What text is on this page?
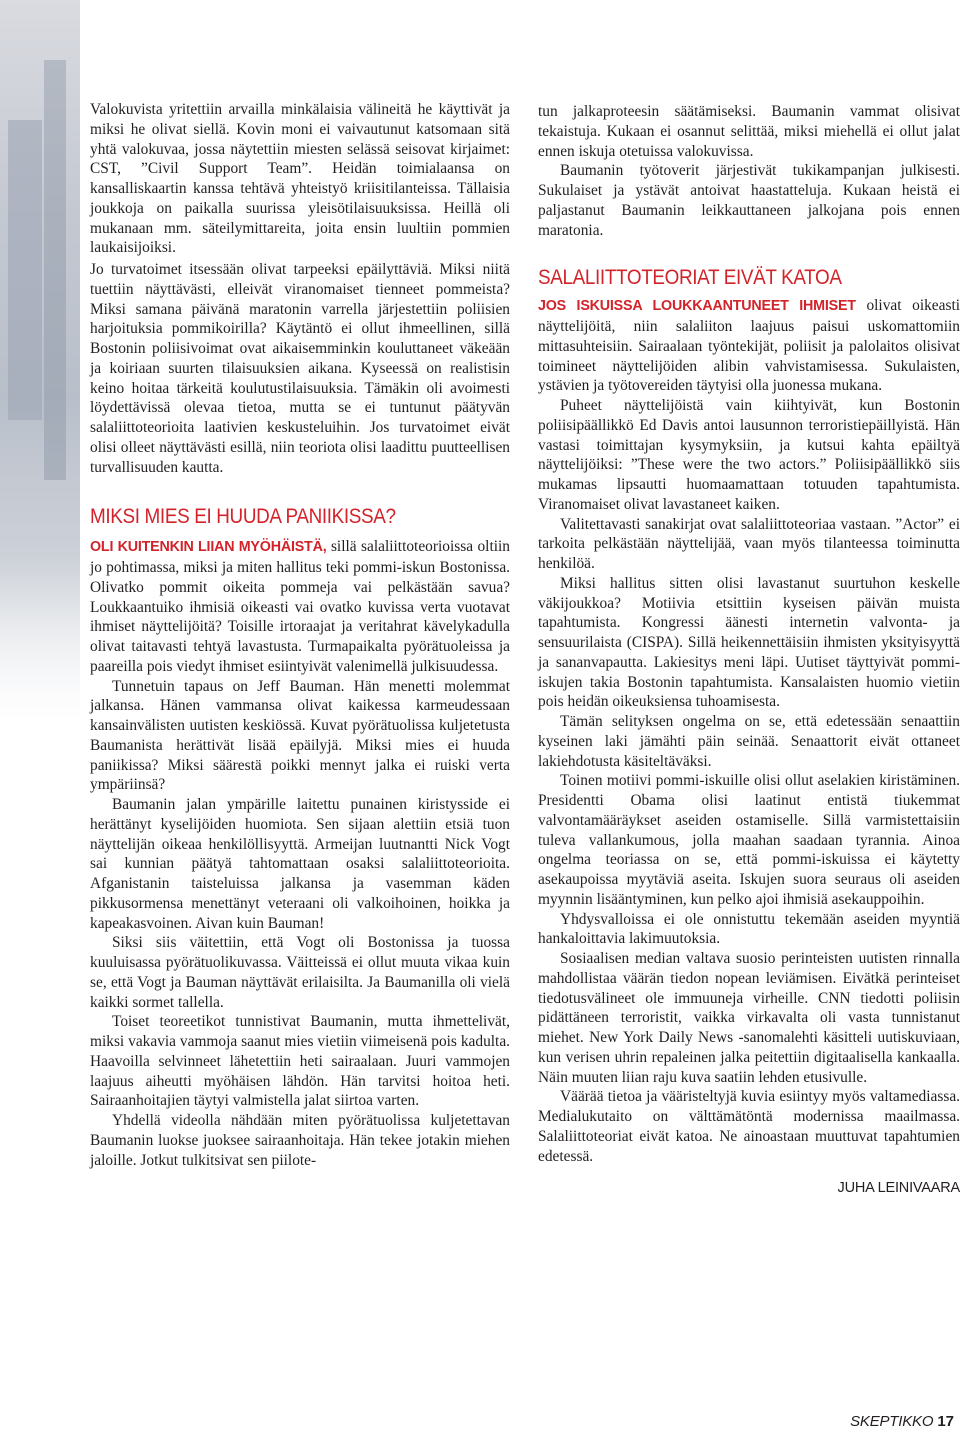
Valokuvista yritettiin arvailla minkälaisia välineitä he käyttivät ja miksi he olivat siellä. Kovin moni ei vaivautunut katsomaan sitä yhtä valokuvaa, jossa näytettiin miesten selässä seisovat kirjaimet: CST, ”Civil Support Team”. Heidän toimialaansa on kansalliskaartin kanssa tehtävä yhteistyö kriisitilanteissa. Tällaisia joukkoja on paikalla suurissa yleisötilaisuuksissa. Heillä oli mukanaan mm. säteilymittareita, joita ensin luultiin pommien laukaisijoiksi.

Jo turvatoimet itsessään olivat tarpeeksi epäilyttäviä. Miksi niitä tuettiin näyttävästi, elleivät viranomaiset tienneet pommeista? Miksi samana päivänä maratonin varrella järjestettiin poliisien harjoituksia pommikoirilla? Käytäntö ei ollut ihmeellinen, sillä Bostonin poliisivoimat ovat aikaisemminkin kouluttaneet väkeään ja koiriaan suurten tilaisuuksien aikana. Kyseessä on realistisin keino hoitaa tärkeitä koulutustilaisuuksia. Tämäkin oli avoimesti löydettävissä olevaa tietoa, mutta se ei tuntunut päätyvän salaliittoteorioita laativien keskusteluihin. Jos turvatoimet eivät olisi olleet näyttävästi esillä, niin teoriota olisi laadittu puutteellisen turvallisuuden kautta.

MIKSI MIES EI HUUDA PANIIKISSA?

OLI KUITENKIN LIIAN MYÖHÄISTÄ, sillä salaliittoteorioissa oltiin jo pohtimassa, miksi ja miten hallitus teki pommi-iskun Bostonissa. Olivatko pommit oikeita pommeja vai pelkästään savua? Loukkaantuiko ihmisiä oikeasti vai ovatko kuvissa verta vuotavat ihmiset näyttelijöitä? Toisille irtoraajat ja veritahrat kävelykadulla olivat taitavasti tehtyä lavastusta. Turmapaikalta pyörätuoleissa ja paareilla pois viedyt ihmiset esiintyivät valenimellä julkisuudessa.

Tunnetuin tapaus on Jeff Bauman. Hän menetti molemmat jalkansa. Hänen vammansa olivat kaikessa karmeudessaan kansainvälisten uutisten keskiössä. Kuvat pyörätuolissa kuljetetusta Baumanista herättivät lisää epäilyjä. Miksi mies ei huuda paniikissa? Miksi säärestä poikki mennyt jalka ei ruiski verta ympäriinsä?

Baumanin jalan ympärille laitettu punainen kiristysside ei herättänyt kyselijöiden huomiota. Sen sijaan alettiin etsiä tuon näyttelijän oikeaa henkilöllisyyttä. Armeijan luutnantti Nick Vogt sai kunnian päätyä tahtomattaan osaksi salaliittoteorioita. Afganistanin taisteluissa jalkansa ja vasemman käden pikkusormensa menettänyt veteraani oli valkoihoinen, hoikka ja kapeakasvoinen. Aivan kuin Bauman!

Siksi siis väitettiin, että Vogt oli Bostonissa ja tuossa kuuluisassa pyörätuolikuvassa. Väitteissä ei ollut muuta vikaa kuin se, että Vogt ja Bauman näyttävät erilaisilta. Ja Baumanilla oli vielä kaikki sormet tallella.

Toiset teoreetikot tunnistivat Baumanin, mutta ihmettelivät, miksi vakavia vammoja saanut mies vietiin viimeisenä pois kadulta. Haavoilla selvinneet lähetettiin heti sairaalaan. Juuri vammojen laajuus aiheutti myöhäisen lähdön. Hän tarvitsi hoitoa heti. Sairaanhoitajien täytyi valmistella jalat siirtoa varten.

Yhdellä videolla nähdään miten pyörätuolissa kuljetettavan Baumanin luokse juoksee sairaanhoitaja. Hän tekee jotakin miehen jaloille. Jotkut tulkitsivat sen piilote-

tun jalkaproteesin säätämiseksi. Baumanin vammat olisivat tekaistuja. Kukaan ei osannut selittää, miksi miehellä ei ollut jalat ennen iskuja otetuissa valokuvissa.

Baumanin työtoverit järjestivät tukikampanjan julkisesti. Sukulaiset ja ystävät antoivat haastatteluja. Kukaan heistä ei paljastanut Baumanin leikkauttaneen jalkojana pois ennen maratonia.

SALALIITTOTEORIAT EIVÄT KATOA

JOS ISKUISSA LOUKKAANTUNEET IHMISET olivat oikeasti näyttelijöitä, niin salaliiton laajuus paisui uskomattomiin mittasuhteisiin. Sairaalaan työntekijät, poliisit ja palolaitos olisivat toimineet näyttelijöiden alibin vahvistamisessa. Sukulaisten, ystävien ja työtovereiden täytyisi olla juonessa mukana.

Puheet näyttelijöistä vain kiihtyivät, kun Bostonin poliisipäällikkö Ed Davis antoi lausunnon terroristiepäillyistä. Hän vastasi toimittajan kysymyksiin, ja kutsui kahta epäiltyä näyttelijöiksi: ”These were the two actors.” Poliisipäällikkö siis mukamas lipsautti huomaamattaan totuuden tapahtumista. Viranomaiset olivat lavastaneet kaiken.

Valitettavasti sanakirjat ovat salaliittoteoriaa vastaan. ”Actor” ei tarkoita pelkästään näyttelijää, vaan myös tilanteessa toiminutta henkilöä.

Miksi hallitus sitten olisi lavastanut suurtuhon keskelle väkijoukkoa? Motiivia etsittiin kyseisen päivän muista tapahtumista. Kongressi äänesti internetin valvonta- ja sensuurilaista (CISPA). Sillä heikennettäisiin ihmisten yksityisyyttä ja sananvapautta. Lakiesitys meni läpi. Uutiset täyttyivät pommi-iskujen takia Bostonin tapahtumista. Kansalaisten huomio vietiin pois heidän oikeuksiensa tuhoamisesta.

Tämän selityksen ongelma on se, että edetessään senaattiin kyseinen laki jämähti päin seinää. Senaattorit eivät ottaneet lakiehdotusta käsiteltäväksi.

Toinen motiivi pommi-iskuille olisi ollut aselakien kiristäminen. Presidentti Obama olisi laatinut entistä tiukemmat valvontamääräykset aseiden ostamiselle. Sillä varmistettaisiin tuleva vallankumous, jolla maahan saadaan tyrannia. Ainoa ongelma teoriassa on se, että pommi-iskuissa ei käytetty asekaupoissa myytäviä aseita. Iskujen suora seuraus oli aseiden myynnin lisääntyminen, kun pelko ajoi ihmisiä asekauppoihin.

Yhdysvalloissa ei ole onnistuttu tekemään aseiden myyntiä hankaloittavia lakimuutoksia.

Sosiaalisen median valtava suosio perinteisten uutisten rinnalla mahdollistaa väärän tiedon nopean leviämisen. Eivätkä perinteiset tiedotusvälineet ole immuuneja virheille. CNN tiedotti poliisin pidättäneen terroristit, vaikka virkavalta oli vasta tunnistanut miehet. New York Daily News -sanomalehti käsitteli uutiskuviaan, kun verisen uhrin repaleinen jalka peitettiin digitaalisella kankaalla. Näin muuten liian raju kuva saatiin lehden etusivulle.

Väärää tietoa ja vääristeltyjä kuvia esiintyy myös valtamediassa. Medialukutaito on välttämätöntä modernissa maailmassa. Salaliittoteoriat eivät katoa. Ne ainoastaan muuttuvat tapahtumien edetessä.

JUHA LEINIVAARA

SKEPTIKKO 17
